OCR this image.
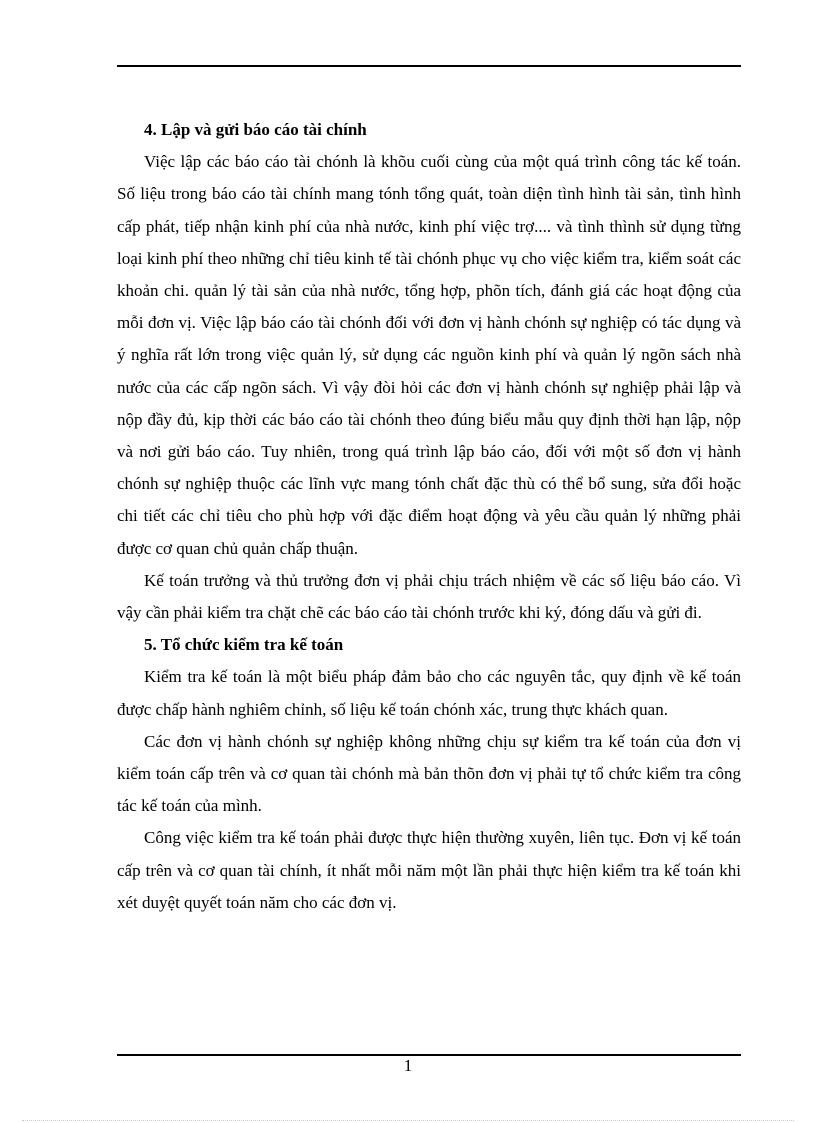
4. Lập và gửi báo cáo tài chính

Việc lập các báo cáo tài chónh là khõu cuối cùng của một quá trình công tác kế toán. Số liệu trong báo cáo tài chính mang tónh tổng quát, toàn diện tình hình tài sản, tình hình cấp phát, tiếp nhận kinh phí của nhà nước, kinh phí việc trợ.... và tình thình sử dụng từng loại kinh phí theo những chỉ tiêu kinh tế tài chónh phục vụ cho việc kiểm tra, kiểm soát các khoản chi. quản lý tài sản của nhà nước, tổng hợp, phõn tích, đánh giá các hoạt động của mỗi đơn vị. Việc lập báo cáo tài chónh đối với đơn vị hành chónh sự nghiệp có tác dụng và ý nghĩa rất lớn trong việc quản lý, sử dụng các nguồn kinh phí và quản lý ngõn sách nhà nước của các cấp ngõn sách. Vì vậy đòi hỏi các đơn vị hành chónh sự nghiệp phải lập và nộp đầy đủ, kịp thời các báo cáo tài chónh theo đúng biểu mẫu quy định thời hạn lập, nộp và nơi gửi báo cáo. Tuy nhiên, trong quá trình lập báo cáo, đối với một số đơn vị hành chónh sự nghiệp thuộc các lĩnh vực mang tónh chất đặc thù có thể bổ sung, sửa đổi hoặc chi tiết các chỉ tiêu cho phù hợp với đặc điểm hoạt động và yêu cầu quản lý những phải được cơ quan chủ quản chấp thuận.

Kế toán trưởng và thủ trưởng đơn vị phải chịu trách nhiệm về các số liệu báo cáo. Vì vậy cần phải kiểm tra chặt chẽ các báo cáo tài chónh trước khi ký, đóng dấu và gửi đi.

5. Tổ chức kiểm tra kế toán

Kiểm tra kế toán là một biểu pháp đảm bảo cho các nguyên tắc, quy định về kế toán được chấp hành nghiêm chỉnh, số liệu kế toán chónh xác, trung thực khách quan.

Các đơn vị hành chónh sự nghiệp không những chịu sự kiểm tra kế toán của đơn vị kiểm toán cấp trên và cơ quan tài chónh mà bản thõn đơn vị phải tự tổ chức kiểm tra công tác kế toán của mình.

Công việc kiểm tra kế toán phải được thực hiện thường xuyên, liên tục. Đơn vị kế toán cấp trên và cơ quan tài chính, ít nhất mỗi năm một lần phải thực hiện kiểm tra kế toán khi xét duyệt quyết toán năm cho các đơn vị.

1
